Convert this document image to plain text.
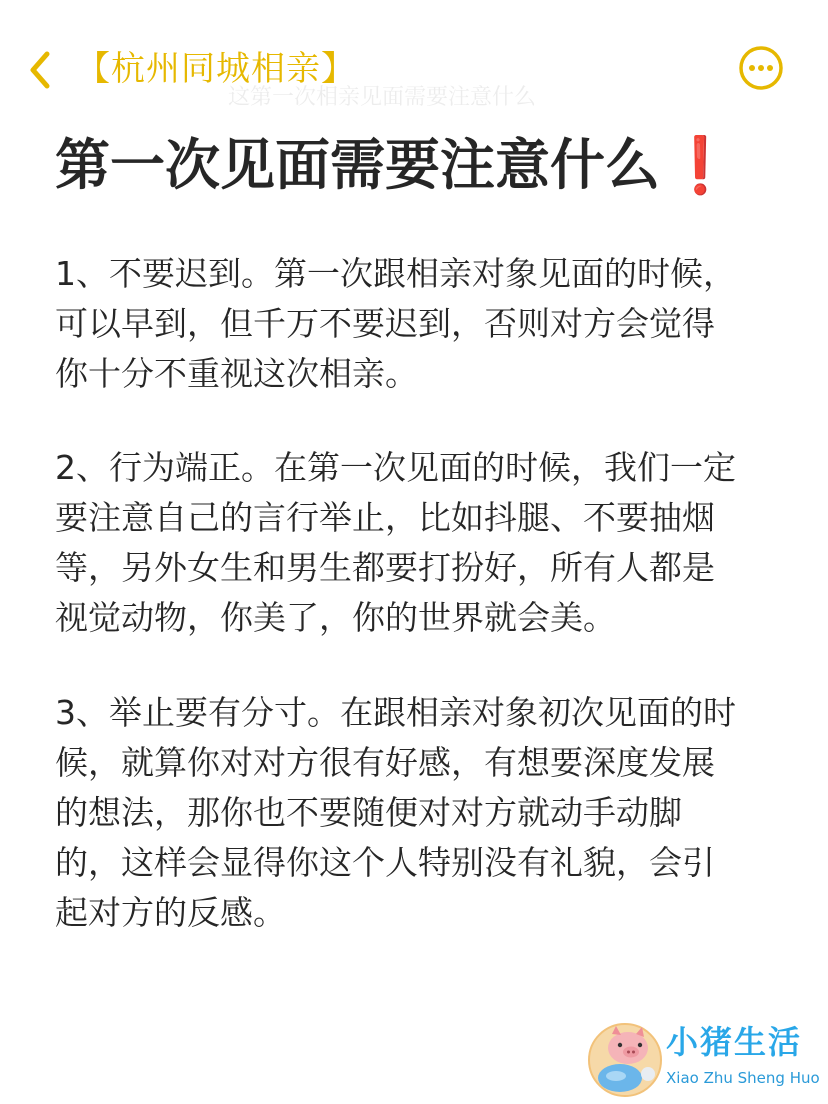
【杭州同城相亲】
这第一次相亲见面需要注意什么
第一次见面需要注意什么 ❗

1、不要迟到。第一次跟相亲对象见面的时候，
可以早到，但千万不要迟到，否则对方会觉得
你十分不重视这次相亲。

2、行为端正。在第一次见面的时候，我们一定
要注意自己的言行举止，比如抖腿、不要抽烟
等，另外女生和男生都要打扮好，所有人都是
视觉动物，你美了，你的世界就会美。

3、举止要有分寸。在跟相亲对象初次见面的时
候，就算你对对方很有好感，有想要深度发展
的想法，那你也不要随便对对方就动手动脚
的，这样会显得你这个人特别没有礼貌，会引
起对方的反感。

小猪生活
Xiao Zhu Sheng Huo
